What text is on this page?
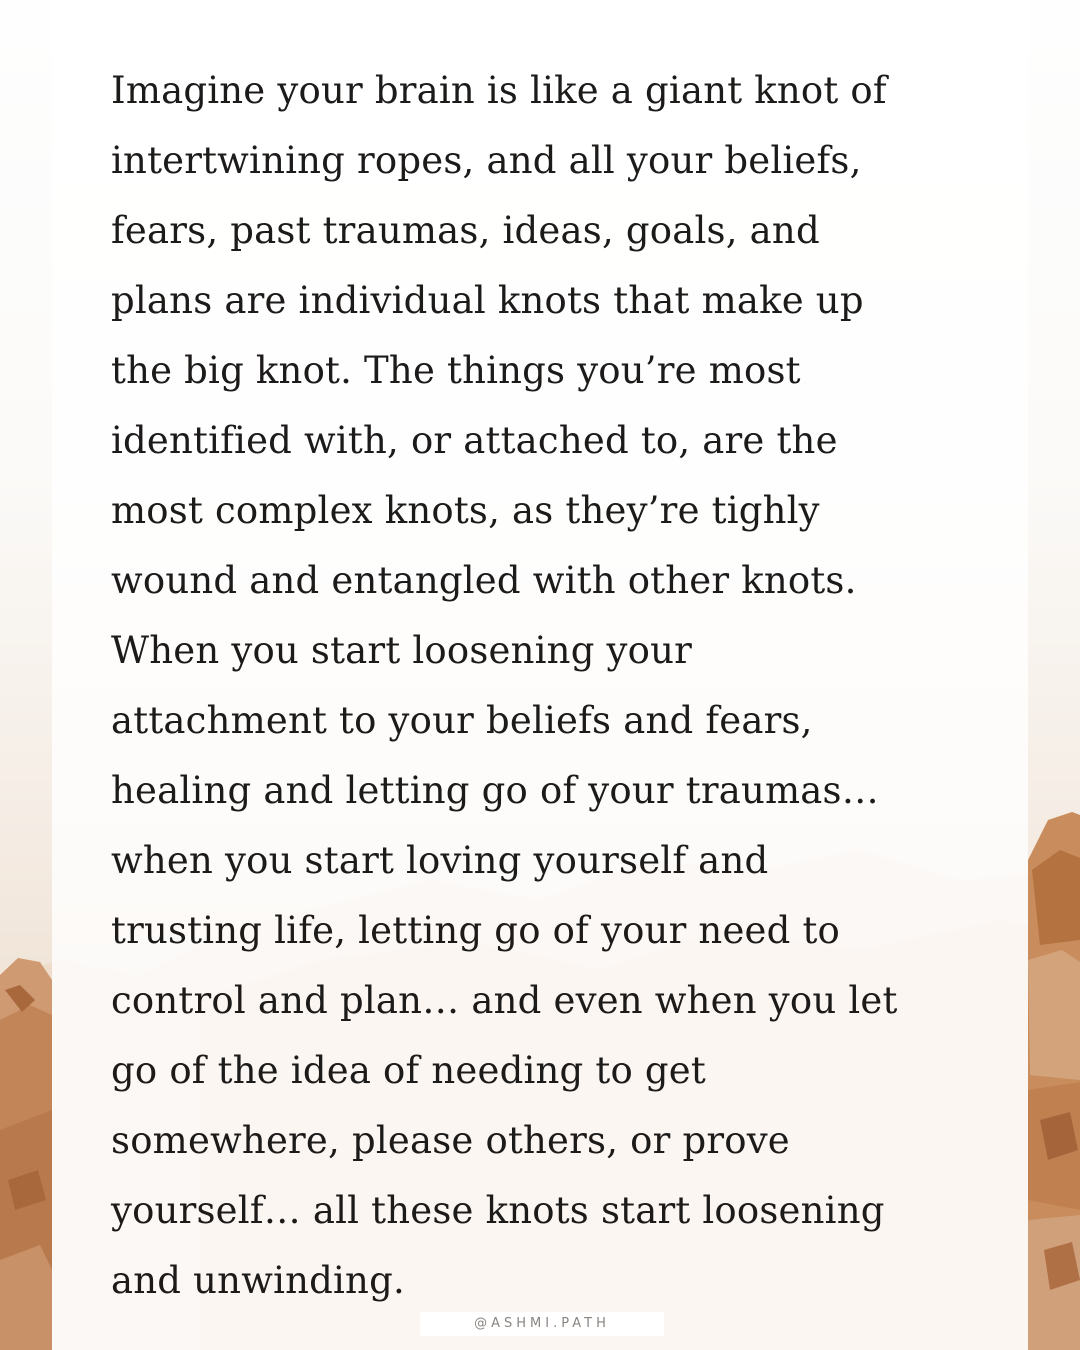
Imagine your brain is like a giant knot of
intertwining ropes, and all your beliefs,
fears, past traumas, ideas, goals, and
plans are individual knots that make up
the big knot. The things you’re most
identified with, or attached to, are the
most complex knots, as they’re tighly
wound and entangled with other knots.
When you start loosening your
attachment to your beliefs and fears,
healing and letting go of your traumas…
when you start loving yourself and
trusting life, letting go of your need to
control and plan… and even when you let
go of the idea of needing to get
somewhere, please others, or prove
yourself… all these knots start loosening
and unwinding.

@ASHMI.PATH
